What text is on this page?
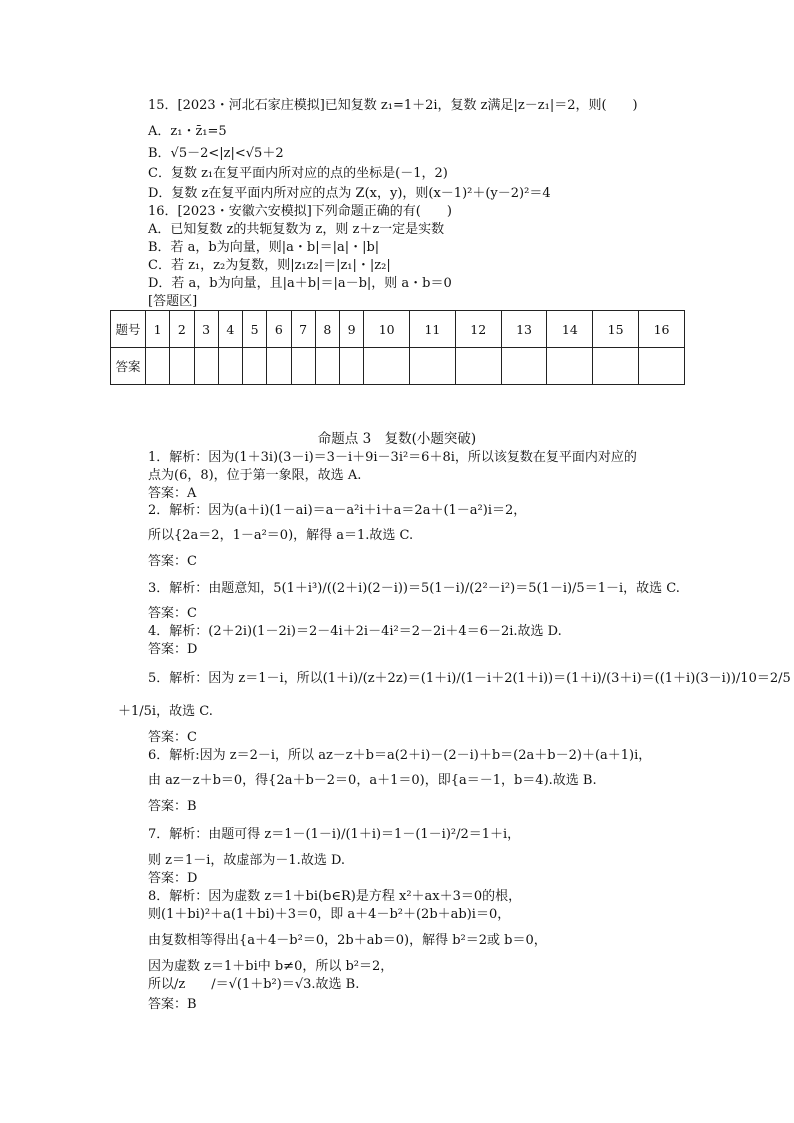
15．[2023・河北石家庄模拟]已知复数 z₁=1＋2i，复数 z满足|z－z₁|＝2，则(　　)
A．z₁・z̄₁=5
B．√5－2<|z|<√5＋2
C．复数 z₁在复平面内所对应的点的坐标是(－1，2)
D．复数 z在复平面内所对应的点为 Z(x，y)，则(x－1)²＋(y－2)²＝4
16．[2023・安徽六安模拟]下列命题正确的有(　　)
A．已知复数 z的共轭复数为 z，则 z＋z一定是实数
B．若 a，b为向量，则|a・b|＝|a|・|b|
C．若 z₁，z₂为复数，则|z₁z₂|＝|z₁|・|z₂|
D．若 a，b为向量，且|a＋b|＝|a－b|，则 a・b＝0
[答题区]
题号	1	2	3	4	5	6	7	8	9	10	11	12	13	14	15	16
答案																
命题点 3　复数(小题突破)
1．解析：因为(1＋3i)(3－i)＝3－i＋9i－3i²＝6＋8i，所以该复数在复平面内对应的
点为(6，8)，位于第一象限，故选 A.
答案：A
2．解析：因为(a＋i)(1－ai)＝a－a²i＋i＋a＝2a＋(1－a²)i＝2，
所以{2a＝2，1－a²＝0)，解得 a＝1.故选 C.
答案：C
3．解析：由题意知，5(1＋i³)/((2＋i)(2－i))＝5(1－i)/(2²－i²)＝5(1－i)/5＝1－i，故选 C.
答案：C
4．解析：(2＋2i)(1－2i)＝2－4i＋2i－4i²＝2－2i＋4＝6－2i.故选 D.
答案：D
5．解析：因为 z＝1－i，所以(1＋i)/(z＋2z)＝(1＋i)/(1－i＋2(1＋i))＝(1＋i)/(3＋i)＝((1＋i)(3－i))/10＝2/5
＋1/5i，故选 C.
答案：C
6．解析:因为 z＝2－i，所以 az－z＋b＝a(2＋i)－(2－i)＋b＝(2a＋b－2)＋(a＋1)i，
由 az－z＋b＝0，得{2a＋b－2＝0，a＋1＝0)，即{a＝－1，b＝4).故选 B.
答案：B
7．解析：由题可得 z＝1－(1－i)/(1＋i)＝1－(1－i)²/2＝1＋i，
则 z＝1－i，故虚部为－1.故选 D.
答案：D
8．解析：因为虚数 z＝1＋bi(b∈R)是方程 x²＋ax＋3＝0的根，
则(1＋bi)²＋a(1＋bi)＋3＝0，即 a＋4－b²＋(2b＋ab)i＝0，
由复数相等得出{a＋4－b²＝0，2b＋ab＝0)，解得 b²＝2或 b＝0，
因为虚数 z＝1＋bi中 b≠0，所以 b²＝2，
所以/z　　/＝√(1＋b²)＝√3.故选 B.
答案：B
